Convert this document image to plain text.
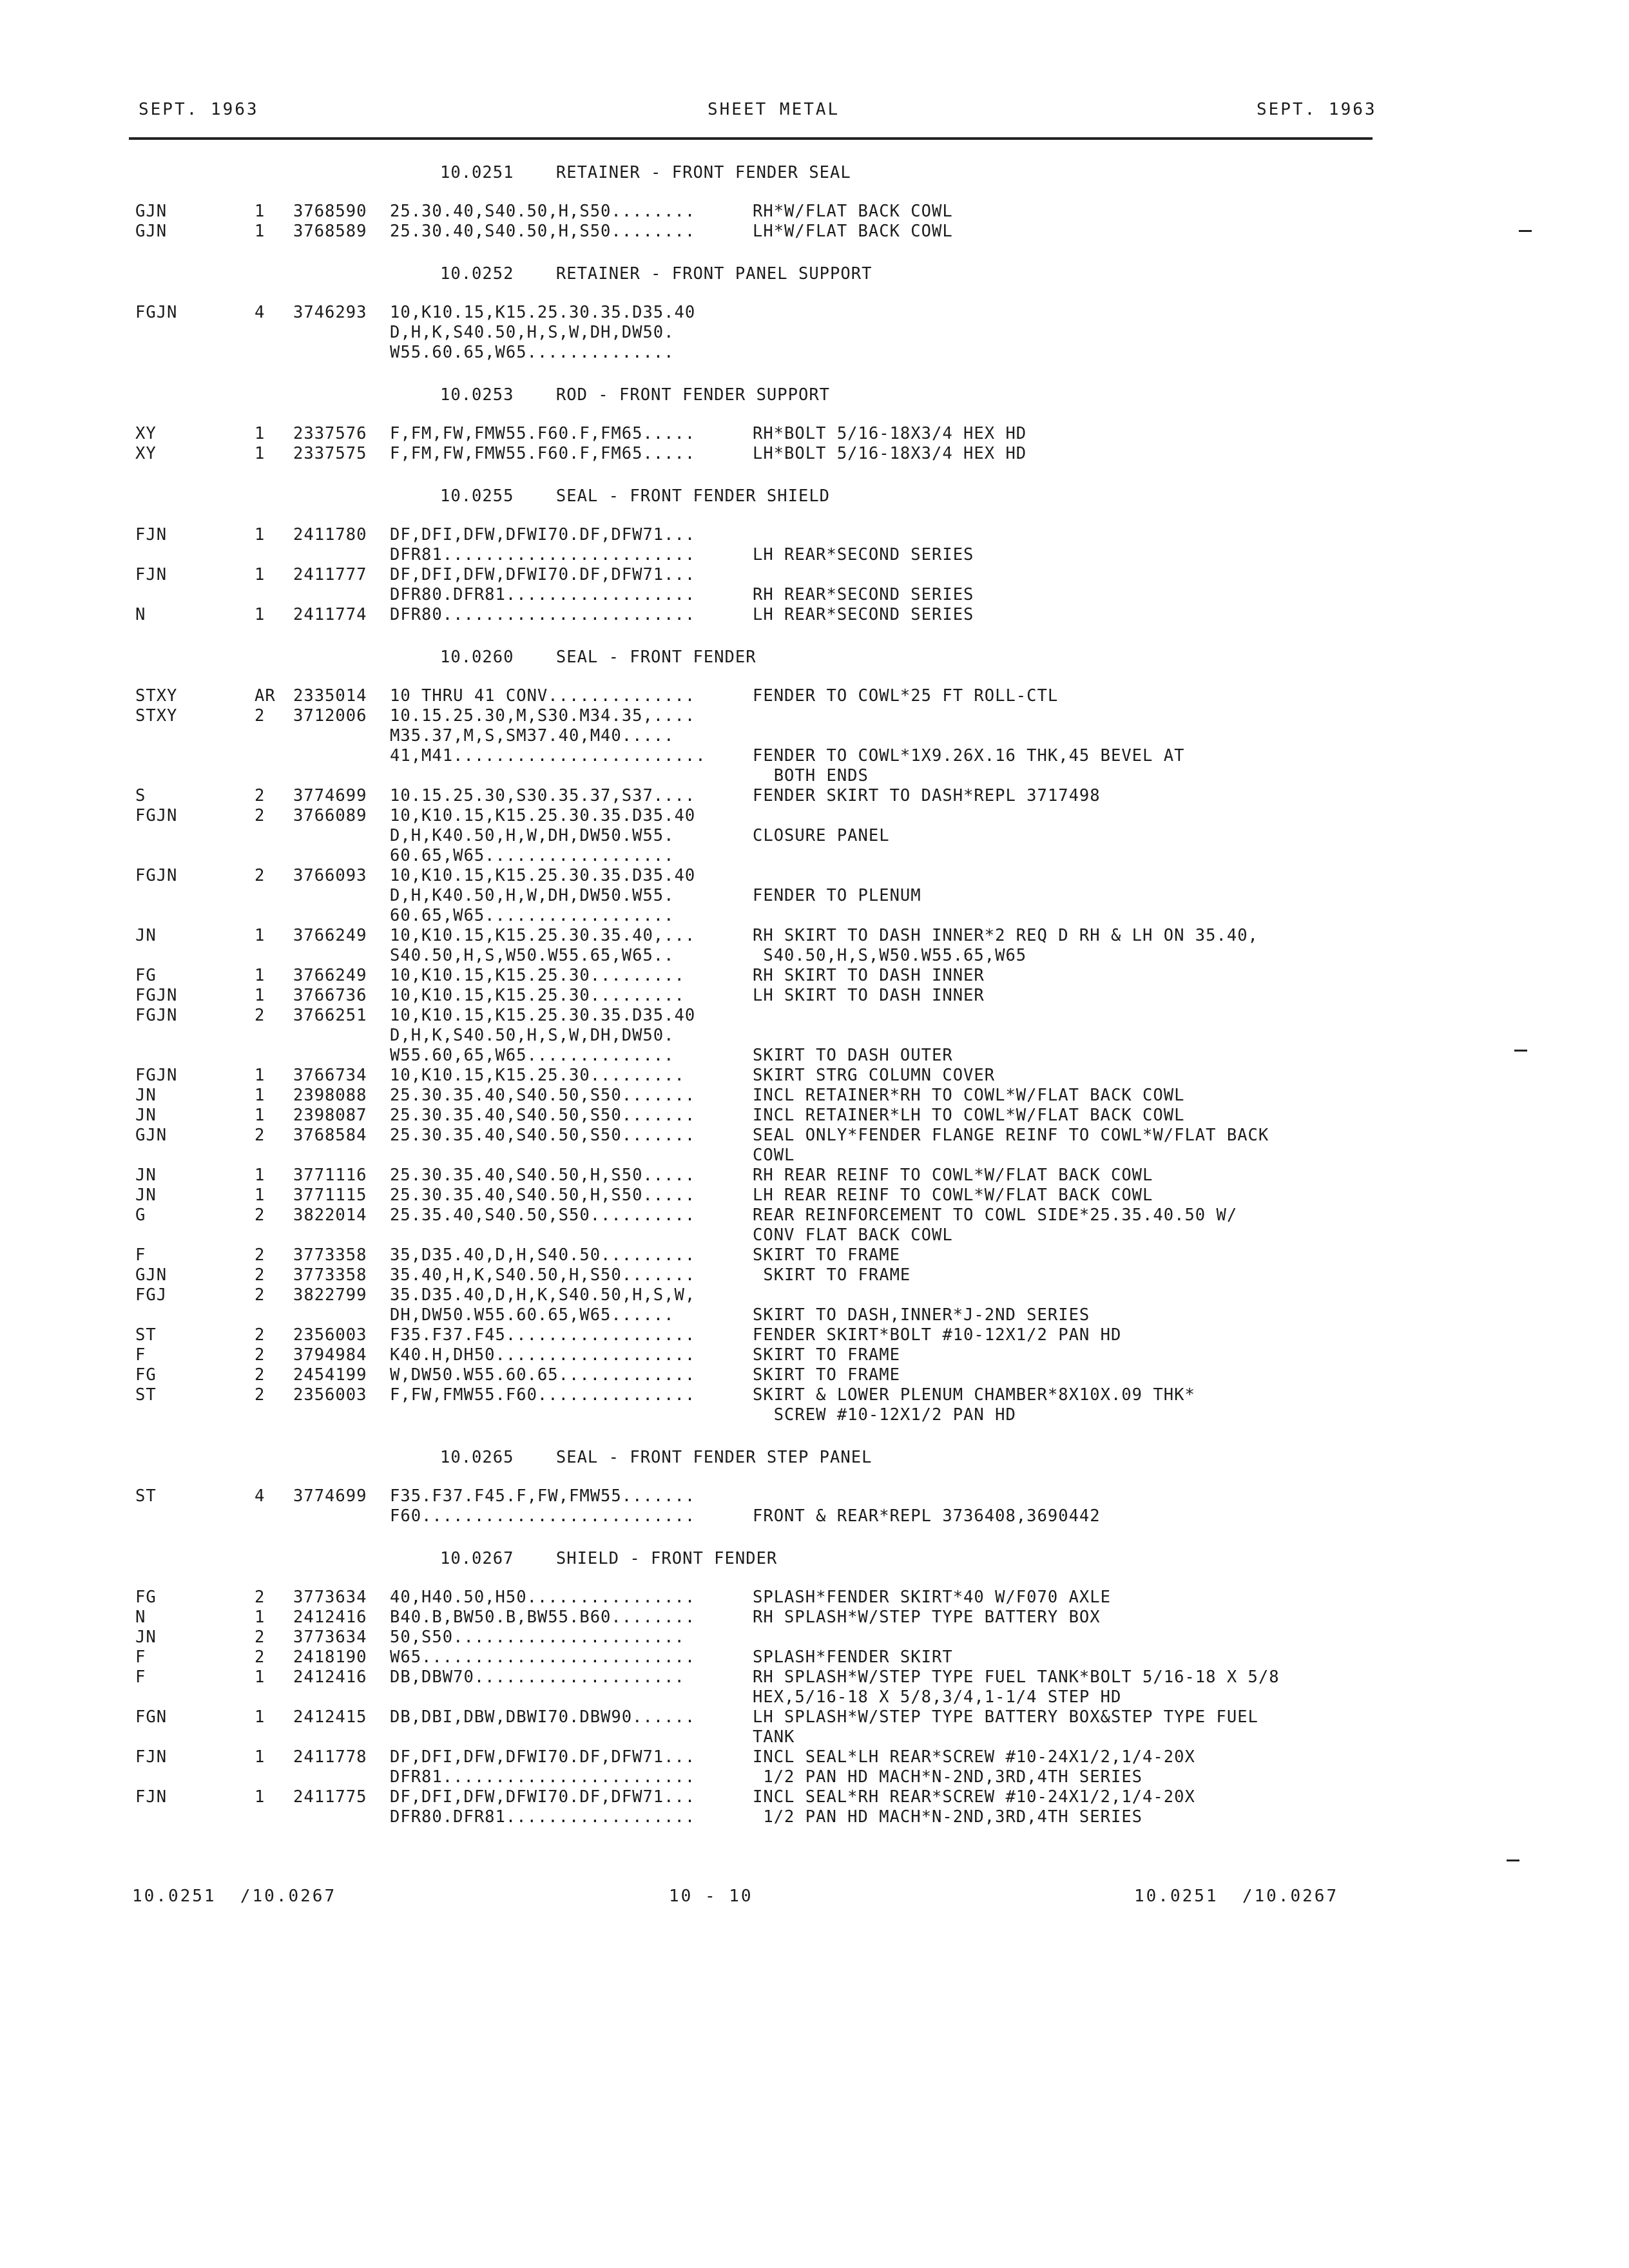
SEPT. 1963	SHEET METAL	SEPT. 1963
10.0251    RETAINER - FRONT FENDER SEAL
GJN	1 3768590 25.30.40,S40.50,H,S50........	RH*W/FLAT BACK COWL
GJN	1 3768589 25.30.40,S40.50,H,S50........	LH*W/FLAT BACK COWL
10.0252    RETAINER - FRONT PANEL SUPPORT
FGJN	4 3746293 10,K10.15,K15.25.30.35.D35.40
D,H,K,S40.50,H,S,W,DH,DW50.
W55.60.65,W65..............
10.0253    ROD - FRONT FENDER SUPPORT
XY	1 2337576 F,FM,FW,FMW55.F60.F,FM65.....	RH*BOLT 5/16-18X3/4 HEX HD
XY	1 2337575 F,FM,FW,FMW55.F60.F,FM65.....	LH*BOLT 5/16-18X3/4 HEX HD
10.0255    SEAL - FRONT FENDER SHIELD
FJN	1 2411780 DF,DFI,DFW,DFWI70.DF,DFW71...
DFR81........................	LH REAR*SECOND SERIES
FJN	1 2411777 DF,DFI,DFW,DFWI70.DF,DFW71...
DFR80.DFR81..................	RH REAR*SECOND SERIES
N	1 2411774 DFR80........................	LH REAR*SECOND SERIES
10.0260    SEAL - FRONT FENDER
STXY	AR 2335014 10 THRU 41 CONV..............	FENDER TO COWL*25 FT ROLL-CTL
STXY	2 3712006 10.15.25.30,M,S30.M34.35,....
M35.37,M,S,SM37.40,M40.....
41,M41........................	FENDER TO COWL*1X9.26X.16 THK,45 BEVEL AT
BOTH ENDS
S	2 3774699 10.15.25.30,S30.35.37,S37....	FENDER SKIRT TO DASH*REPL 3717498
FGJN	2 3766089 10,K10.15,K15.25.30.35.D35.40
D,H,K40.50,H,W,DH,DW50.W55.	CLOSURE PANEL
60.65,W65..................
FGJN	2 3766093 10,K10.15,K15.25.30.35.D35.40
D,H,K40.50,H,W,DH,DW50.W55.	FENDER TO PLENUM
60.65,W65..................
JN	1 3766249 10,K10.15,K15.25.30.35.40,...	RH SKIRT TO DASH INNER*2 REQ D RH & LH ON 35.40,
S40.50,H,S,W50.W55.65,W65..	S40.50,H,S,W50.W55.65,W65
FG	1 3766249 10,K10.15,K15.25.30.........	RH SKIRT TO DASH INNER
FGJN	1 3766736 10,K10.15,K15.25.30.........	LH SKIRT TO DASH INNER
FGJN	2 3766251 10,K10.15,K15.25.30.35.D35.40
D,H,K,S40.50,H,S,W,DH,DW50.
W55.60,65,W65..............	SKIRT TO DASH OUTER
FGJN	1 3766734 10,K10.15,K15.25.30.........	SKIRT STRG COLUMN COVER
JN	1 2398088 25.30.35.40,S40.50,S50.......	INCL RETAINER*RH TO COWL*W/FLAT BACK COWL
JN	1 2398087 25.30.35.40,S40.50,S50.......	INCL RETAINER*LH TO COWL*W/FLAT BACK COWL
GJN	2 3768584 25.30.35.40,S40.50,S50.......	SEAL ONLY*FENDER FLANGE REINF TO COWL*W/FLAT BACK
COWL
JN	1 3771116 25.30.35.40,S40.50,H,S50.....	RH REAR REINF TO COWL*W/FLAT BACK COWL
JN	1 3771115 25.30.35.40,S40.50,H,S50.....	LH REAR REINF TO COWL*W/FLAT BACK COWL
G	2 3822014 25.35.40,S40.50,S50..........	REAR REINFORCEMENT TO COWL SIDE*25.35.40.50 W/
CONV FLAT BACK COWL
F	2 3773358 35,D35.40,D,H,S40.50.........	SKIRT TO FRAME
GJN	2 3773358 35.40,H,K,S40.50,H,S50.......	SKIRT TO FRAME
FGJ	2 3822799 35.D35.40,D,H,K,S40.50,H,S,W,
DH,DW50.W55.60.65,W65......	SKIRT TO DASH,INNER*J-2ND SERIES
ST	2 2356003 F35.F37.F45..................	FENDER SKIRT*BOLT #10-12X1/2 PAN HD
F	2 3794984 K40.H,DH50...................	SKIRT TO FRAME
FG	2 2454199 W,DW50.W55.60.65.............	SKIRT TO FRAME
ST	2 2356003 F,FW,FMW55.F60...............	SKIRT & LOWER PLENUM CHAMBER*8X10X.09 THK*
SCREW #10-12X1/2 PAN HD
10.0265    SEAL - FRONT FENDER STEP PANEL
ST	4 3774699 F35.F37.F45.F,FW,FMW55.......
F60..........................	FRONT & REAR*REPL 3736408,3690442
10.0267    SHIELD - FRONT FENDER
FG	2 3773634 40,H40.50,H50................	SPLASH*FENDER SKIRT*40 W/F070 AXLE
N	1 2412416 B40.B,BW50.B,BW55.B60........	RH SPLASH*W/STEP TYPE BATTERY BOX
JN	2 3773634 50,S50......................
F	2 2418190 W65..........................	SPLASH*FENDER SKIRT
F	1 2412416 DB,DBW70....................	RH SPLASH*W/STEP TYPE FUEL TANK*BOLT 5/16-18 X 5/8
HEX,5/16-18 X 5/8,3/4,1-1/4 STEP HD
FGN	1 2412415 DB,DBI,DBW,DBWI70.DBW90......	LH SPLASH*W/STEP TYPE BATTERY BOX&STEP TYPE FUEL
TANK
FJN	1 2411778 DF,DFI,DFW,DFWI70.DF,DFW71...	INCL SEAL*LH REAR*SCREW #10-24X1/2,1/4-20X
DFR81........................	1/2 PAN HD MACH*N-2ND,3RD,4TH SERIES
FJN	1 2411775 DF,DFI,DFW,DFWI70.DF,DFW71...	INCL SEAL*RH REAR*SCREW #10-24X1/2,1/4-20X
DFR80.DFR81..................	1/2 PAN HD MACH*N-2ND,3RD,4TH SERIES
10.0251  /10.0267	10 - 10	10.0251  /10.0267
